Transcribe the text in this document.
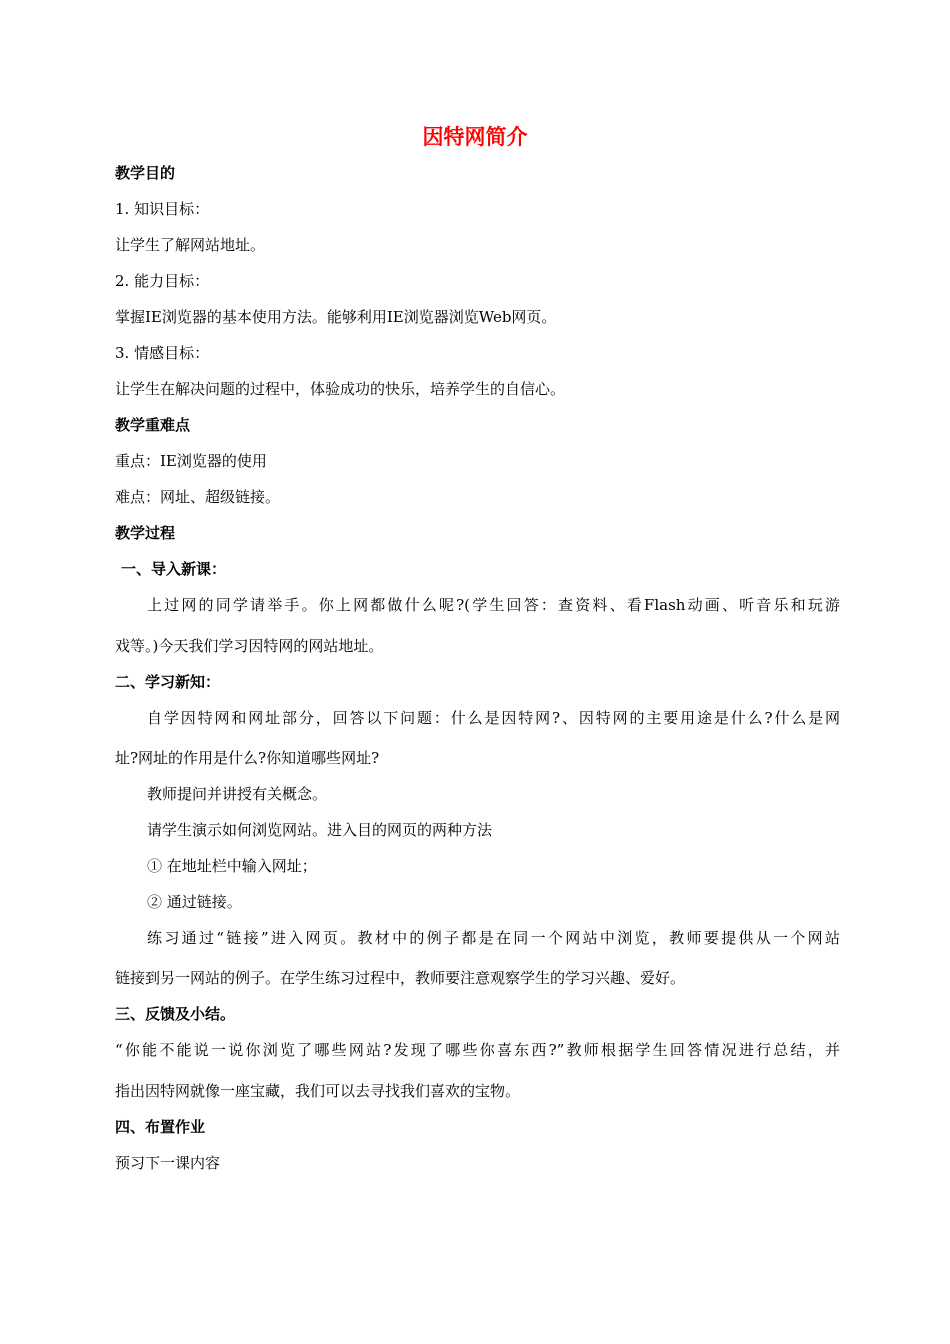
因特网简介
教学目的
1. 知识目标：
让学生了解网站地址。
2. 能力目标：
掌握IE浏览器的基本使用方法。能够利用IE浏览器浏览Web网页。
3. 情感目标：
让学生在解决问题的过程中，体验成功的快乐，培养学生的自信心。
教学重难点
重点：IE浏览器的使用
难点：网址、超级链接。
教学过程
一、导入新课：
上过网的同学请举手。你上网都做什么呢?(学生回答：查资料、看Flash动画、听音乐和玩游
戏等。)今天我们学习因特网的网站地址。
二、学习新知：
自学因特网和网址部分，回答以下问题：什么是因特网?、因特网的主要用途是什么?什么是网
址?网址的作用是什么?你知道哪些网址?
教师提问并讲授有关概念。
请学生演示如何浏览网站。进入目的网页的两种方法
① 在地址栏中输入网址；
② 通过链接。
练习通过“链接”进入网页。教材中的例子都是在同一个网站中浏览，教师要提供从一个网站
链接到另一网站的例子。在学生练习过程中，教师要注意观察学生的学习兴趣、爱好。
三、反馈及小结。
“你能不能说一说你浏览了哪些网站?发现了哪些你喜东西?”教师根据学生回答情况进行总结，并
指出因特网就像一座宝藏，我们可以去寻找我们喜欢的宝物。
四、布置作业
预习下一课内容
